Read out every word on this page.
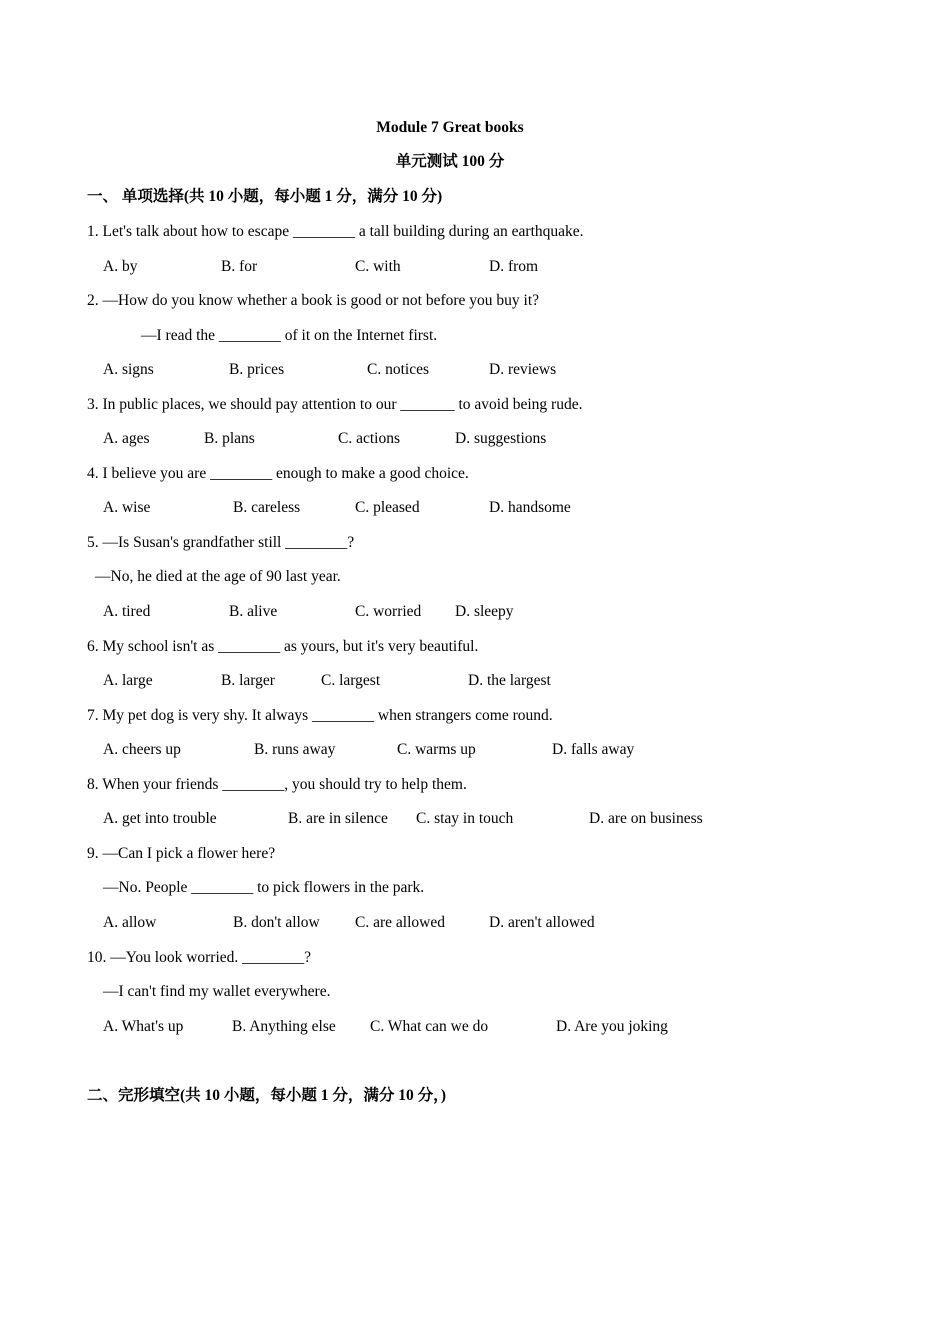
Module 7 Great books
单元测试 100 分
一、 单项选择(共 10 小题，每小题 1 分，满分 10 分)
1. Let's talk about how to escape ________ a tall building during an earthquake.
A. by	B. for	C. with	D. from
2. —How do you know whether a book is good or not before you buy it?
—I read the ________ of it on the Internet first.
A. signs	B. prices	C. notices	D. reviews
3. In public places, we should pay attention to our _______ to avoid being rude.
A. ages	B. plans	C. actions	D. suggestions
4. I believe you are ________ enough to make a good choice.
A. wise	B. careless	C. pleased	D. handsome
5. —Is Susan's grandfather still ________?
—No, he died at the age of 90 last year.
A. tired	B. alive	C. worried D. sleepy
6. My school isn't as ________ as yours, but it's very beautiful.
A. large	B. larger	C. largest	D. the largest
7. My pet dog is very shy. It always ________ when strangers come round.
A. cheers up	B. runs away	C. warms up	D. falls away
8. When your friends ________, you should try to help them.
A. get into trouble	B. are in silence C. stay in touch	D. are on business
9. —Can I pick a flower here?
—No. People ________ to pick flowers in the park.
A. allow	B. don't allow C. are allowed	D. aren't allowed
10. —You look worried. ________?
—I can't find my wallet everywhere.
A. What's up	B. Anything else C. What can we do	D. Are you joking
二、完形填空(共 10 小题，每小题 1 分，满分 10 分，)
